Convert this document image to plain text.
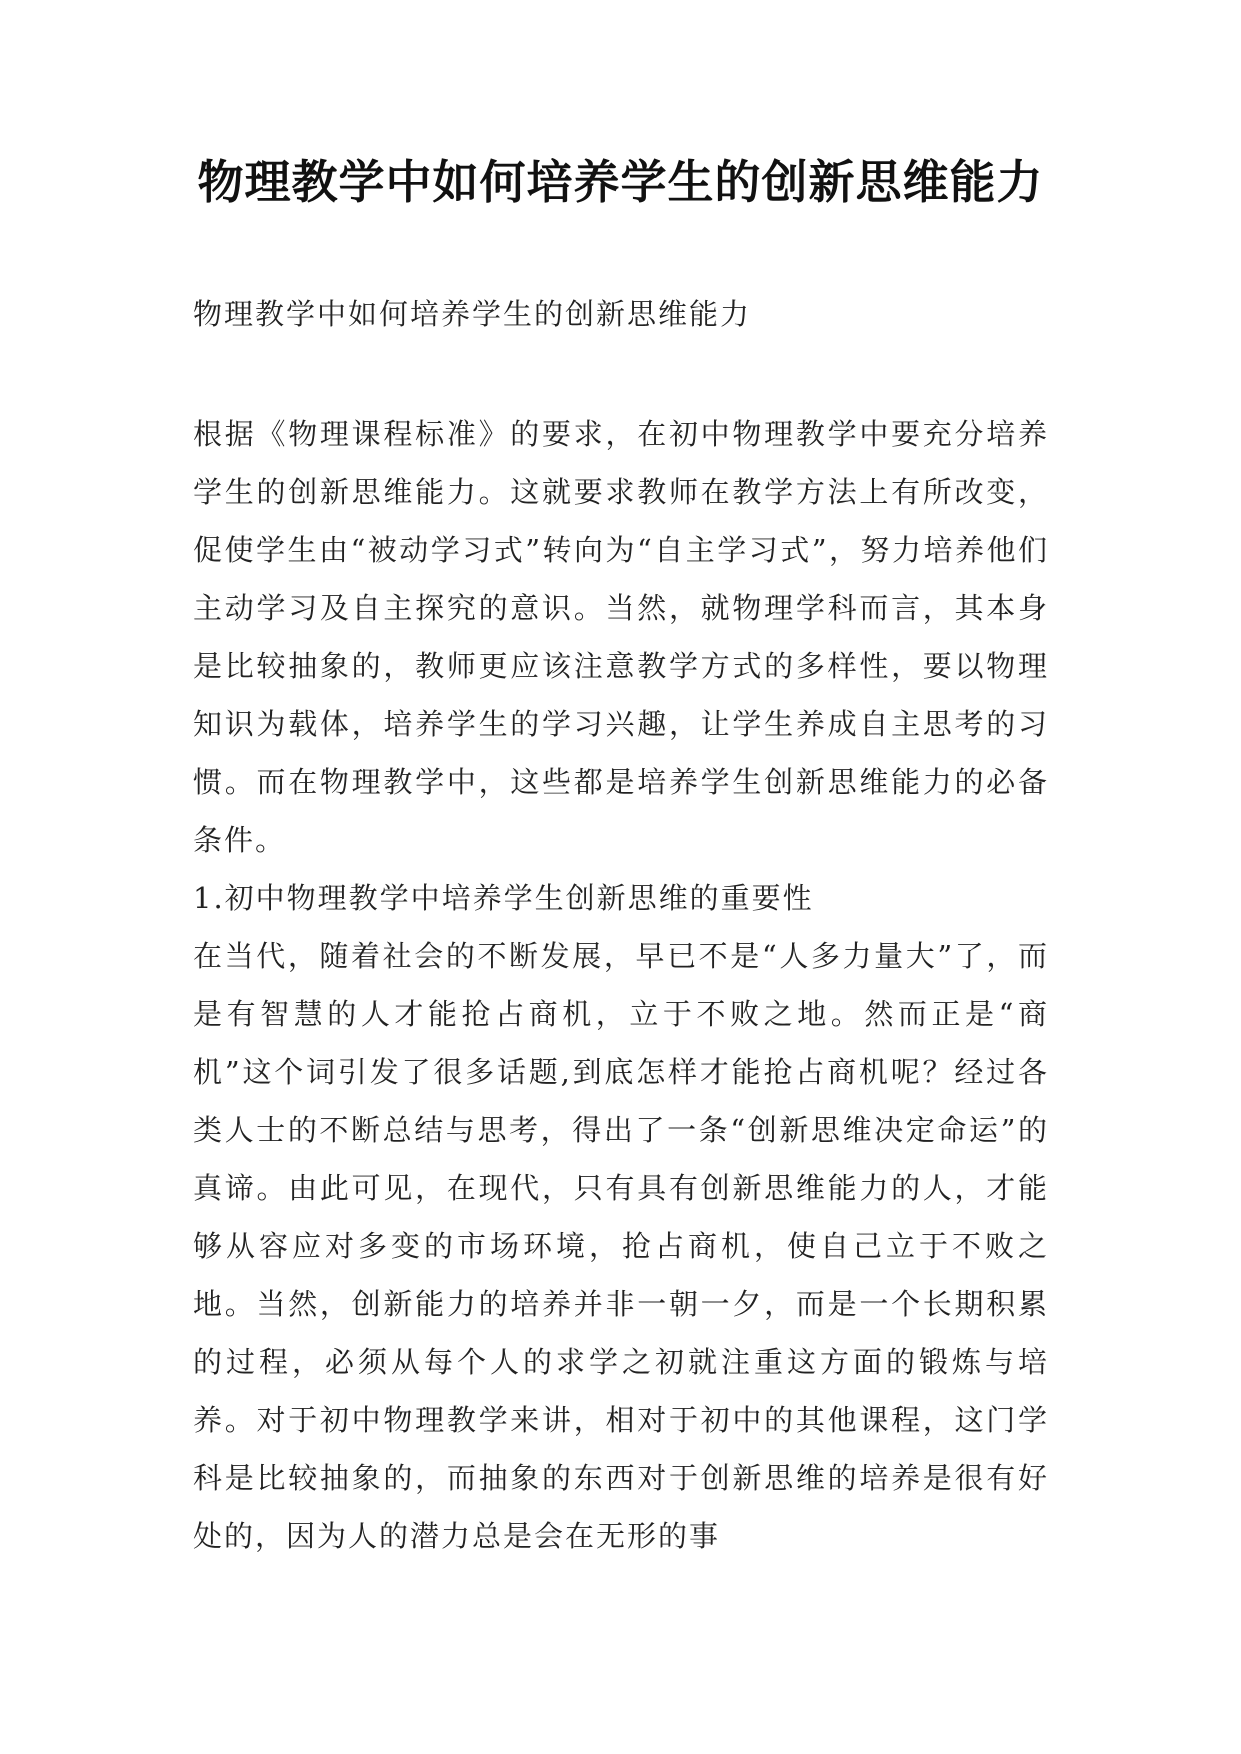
物理教学中如何培养学生的创新思维能力
物理教学中如何培养学生的创新思维能力

根据《物理课程标准》的要求，在初中物理教学中要充分培养学生的创新思维能力。这就要求教师在教学方法上有所改变，促使学生由“被动学习式”转向为“自主学习式”，努力培养他们主动学习及自主探究的意识。当然，就物理学科而言，其本身是比较抽象的，教师更应该注意教学方式的多样性，要以物理知识为载体，培养学生的学习兴趣，让学生养成自主思考的习惯。而在物理教学中，这些都是培养学生创新思维能力的必备条件。

1.初中物理教学中培养学生创新思维的重要性

在当代，随着社会的不断发展，早已不是“人多力量大”了，而是有智慧的人才能抢占商机，立于不败之地。然而正是“商机”这个词引发了很多话题,到底怎样才能抢占商机呢？经过各类人士的不断总结与思考，得出了一条“创新思维决定命运”的真谛。由此可见，在现代，只有具有创新思维能力的人，才能够从容应对多变的市场环境，抢占商机，使自己立于不败之地。当然，创新能力的培养并非一朝一夕，而是一个长期积累的过程，必须从每个人的求学之初就注重这方面的锻炼与培养。对于初中物理教学来讲，相对于初中的其他课程，这门学科是比较抽象的，而抽象的东西对于创新思维的培养是很有好处的，因为人的潜力总是会在无形的事
